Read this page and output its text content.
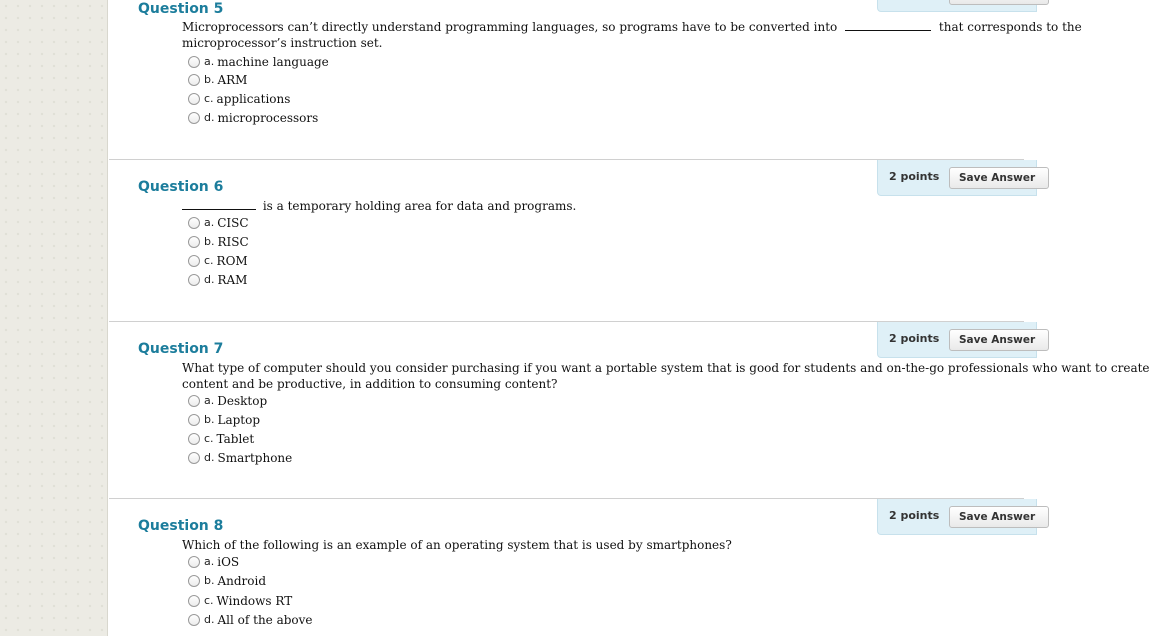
Question 5
Microprocessors can’t directly understand programming languages, so programs have to be converted into	that corresponds to the
microprocessor’s instruction set.
a. machine language
b. ARM
c. applications
d. microprocessors
2 points	Save Answer
Question 6
is a temporary holding area for data and programs.
a. CISC
b. RISC
c. ROM
d. RAM
2 points	Save Answer
Question 7
What type of computer should you consider purchasing if you want a portable system that is good for students and on-the-go professionals who want to create
content and be productive, in addition to consuming content?
a. Desktop
b. Laptop
c. Tablet
d. Smartphone
2 points	Save Answer
Question 8
Which of the following is an example of an operating system that is used by smartphones?
a. iOS
b. Android
c. Windows RT
d. All of the above
